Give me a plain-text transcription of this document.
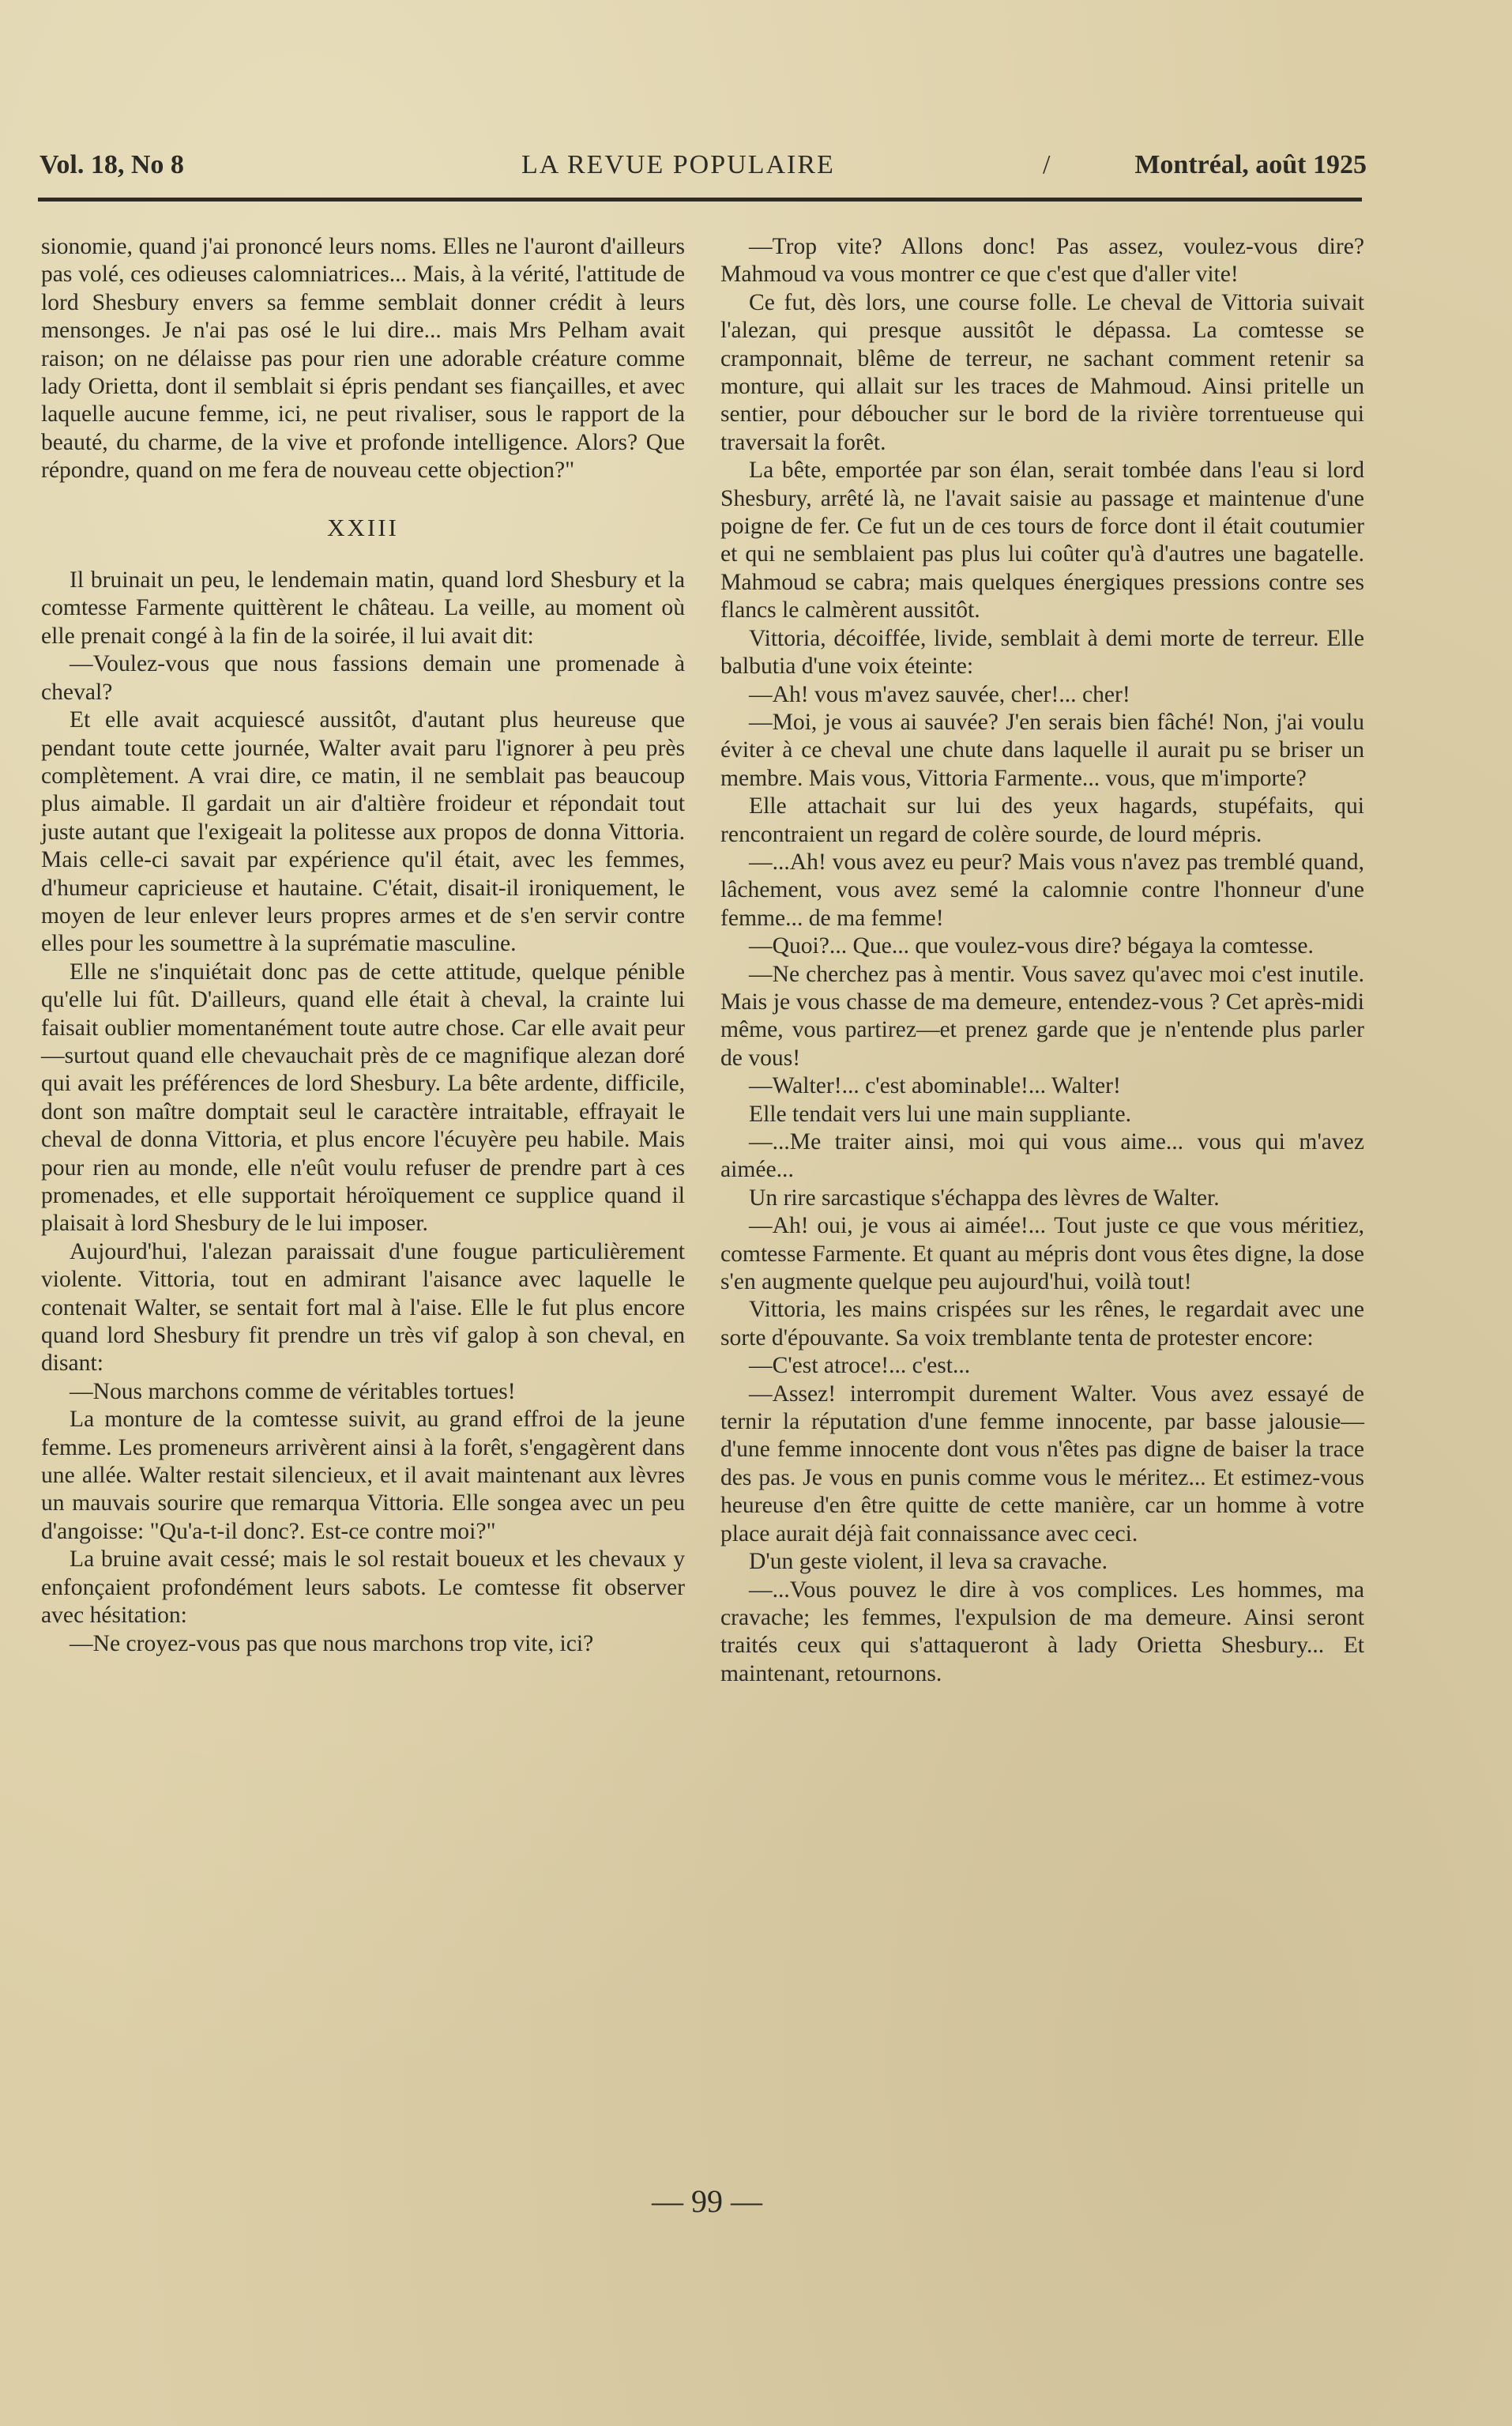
Vol. 18, No 8	LA REVUE POPULAIRE	/	Montréal, août 1925

sionomie, quand j'ai prononcé leurs noms. Elles ne l'auront d'ailleurs pas volé, ces odieuses calomniatrices... Mais, à la vérité, l'attitude de lord Shesbury envers sa femme semblait donner crédit à leurs mensonges. Je n'ai pas osé le lui dire... mais Mrs Pelham avait raison; on ne délaisse pas pour rien une adorable créature comme lady Orietta, dont il semblait si épris pendant ses fiançailles, et avec laquelle aucune femme, ici, ne peut rivaliser, sous le rapport de la beauté, du charme, de la vive et profonde intelligence. Alors? Que répondre, quand on me fera de nouveau cette objection?"

XXIII

Il bruinait un peu, le lendemain matin, quand lord Shesbury et la comtesse Farmente quittèrent le château. La veille, au moment où elle prenait congé à la fin de la soirée, il lui avait dit:

—Voulez-vous que nous fassions demain une promenade à cheval?

Et elle avait acquiescé aussitôt, d'autant plus heureuse que pendant toute cette journée, Walter avait paru l'ignorer à peu près complètement. A vrai dire, ce matin, il ne semblait pas beaucoup plus aimable. Il gardait un air d'altière froideur et répondait tout juste autant que l'exigeait la politesse aux propos de donna Vittoria. Mais celle-ci savait par expérience qu'il était, avec les femmes, d'humeur capricieuse et hautaine. C'était, disait-il ironiquement, le moyen de leur enlever leurs propres armes et de s'en servir contre elles pour les soumettre à la suprématie masculine.

Elle ne s'inquiétait donc pas de cette attitude, quelque pénible qu'elle lui fût. D'ailleurs, quand elle était à cheval, la crainte lui faisait oublier momentanément toute autre chose. Car elle avait peur—surtout quand elle chevauchait près de ce magnifique alezan doré qui avait les préférences de lord Shesbury. La bête ardente, difficile, dont son maître domptait seul le caractère intraitable, effrayait le cheval de donna Vittoria, et plus encore l'écuyère peu habile. Mais pour rien au monde, elle n'eût voulu refuser de prendre part à ces promenades, et elle supportait héroïquement ce supplice quand il plaisait à lord Shesbury de le lui imposer.

Aujourd'hui, l'alezan paraissait d'une fougue particulièrement violente. Vittoria, tout en admirant l'aisance avec laquelle le contenait Walter, se sentait fort mal à l'aise. Elle le fut plus encore quand lord Shesbury fit prendre un très vif galop à son cheval, en disant:

—Nous marchons comme de véritables tortues!

La monture de la comtesse suivit, au grand effroi de la jeune femme. Les promeneurs arrivèrent ainsi à la forêt, s'engagèrent dans une allée. Walter restait silencieux, et il avait maintenant aux lèvres un mauvais sourire que remarqua Vittoria. Elle songea avec un peu d'angoisse: "Qu'a-t-il donc?. Est-ce contre moi?"

La bruine avait cessé; mais le sol restait boueux et les chevaux y enfonçaient profondément leurs sabots. Le comtesse fit observer avec hésitation:

—Ne croyez-vous pas que nous marchons trop vite, ici?

—Trop vite? Allons donc! Pas assez, voulez-vous dire? Mahmoud va vous montrer ce que c'est que d'aller vite!

Ce fut, dès lors, une course folle. Le cheval de Vittoria suivait l'alezan, qui presque aussitôt le dépassa. La comtesse se cramponnait, blême de terreur, ne sachant comment retenir sa monture, qui allait sur les traces de Mahmoud. Ainsi pritelle un sentier, pour déboucher sur le bord de la rivière torrentueuse qui traversait la forêt.

La bête, emportée par son élan, serait tombée dans l'eau si lord Shesbury, arrêté là, ne l'avait saisie au passage et maintenue d'une poigne de fer. Ce fut un de ces tours de force dont il était coutumier et qui ne semblaient pas plus lui coûter qu'à d'autres une bagatelle. Mahmoud se cabra; mais quelques énergiques pressions contre ses flancs le calmèrent aussitôt.

Vittoria, décoiffée, livide, semblait à demi morte de terreur. Elle balbutia d'une voix éteinte:

—Ah! vous m'avez sauvée, cher!... cher!

—Moi, je vous ai sauvée? J'en serais bien fâché! Non, j'ai voulu éviter à ce cheval une chute dans laquelle il aurait pu se briser un membre. Mais vous, Vittoria Farmente... vous, que m'importe?

Elle attachait sur lui des yeux hagards, stupéfaits, qui rencontraient un regard de colère sourde, de lourd mépris.

—...Ah! vous avez eu peur? Mais vous n'avez pas tremblé quand, lâchement, vous avez semé la calomnie contre l'honneur d'une femme... de ma femme!

—Quoi?... Que... que voulez-vous dire? bégaya la comtesse.

—Ne cherchez pas à mentir. Vous savez qu'avec moi c'est inutile. Mais je vous chasse de ma demeure, entendez-vous ? Cet après-midi même, vous partirez—et prenez garde que je n'entende plus parler de vous!

—Walter!... c'est abominable!... Walter!

Elle tendait vers lui une main suppliante.

—...Me traiter ainsi, moi qui vous aime... vous qui m'avez aimée...

Un rire sarcastique s'échappa des lèvres de Walter.

—Ah! oui, je vous ai aimée!... Tout juste ce que vous méritiez, comtesse Farmente. Et quant au mépris dont vous êtes digne, la dose s'en augmente quelque peu aujourd'hui, voilà tout!

Vittoria, les mains crispées sur les rênes, le regardait avec une sorte d'épouvante. Sa voix tremblante tenta de protester encore:

—C'est atroce!... c'est...

—Assez! interrompit durement Walter. Vous avez essayé de ternir la réputation d'une femme innocente, par basse jalousie—d'une femme innocente dont vous n'êtes pas digne de baiser la trace des pas. Je vous en punis comme vous le méritez... Et estimez-vous heureuse d'en être quitte de cette manière, car un homme à votre place aurait déjà fait connaissance avec ceci.

D'un geste violent, il leva sa cravache.

—...Vous pouvez le dire à vos complices. Les hommes, ma cravache; les femmes, l'expulsion de ma demeure. Ainsi seront traités ceux qui s'attaqueront à lady Orietta Shesbury... Et maintenant, retournons.

— 99 —
